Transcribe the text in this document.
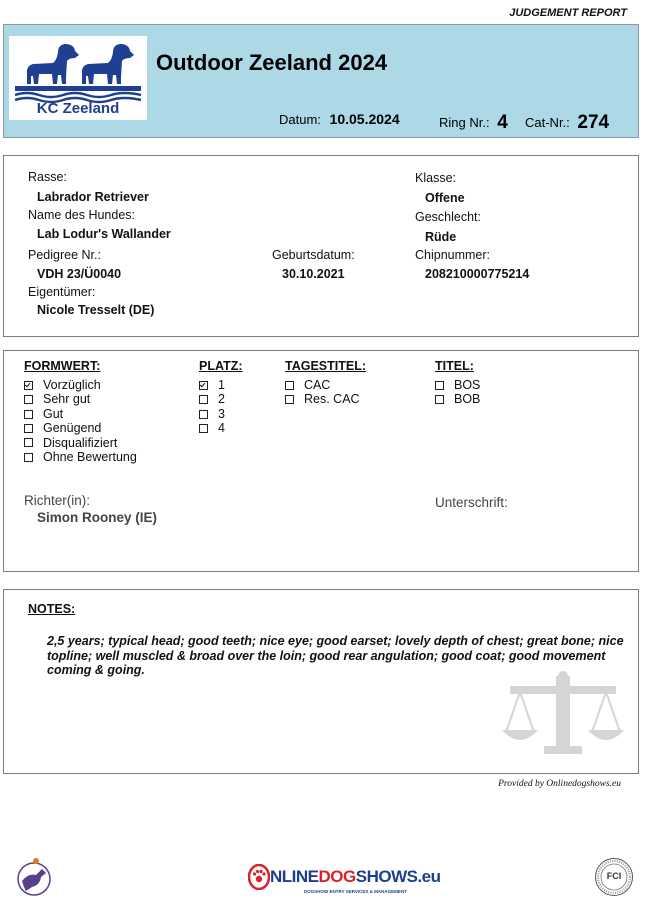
JUDGEMENT REPORT
KC Zeeland
Outdoor Zeeland 2024
Datum: 10.05.2024	Ring Nr.: 4 Cat-Nr.: 274
Rasse:
Labrador Retriever
Name des Hundes:
Lab Lodur's Wallander
Pedigree Nr.:
VDH 23/Ü0040
Eigentümer:
Nicole Tresselt (DE)
Geburtsdatum:
30.10.2021
Klasse:
Offene
Geschlecht:
Rüde
Chipnummer:
208210000775214
FORMWERT:
Vorzüglich
Sehr gut
Gut
Genügend
Disqualifiziert
Ohne Bewertung
PLATZ:
1
2
3
4
TAGESTITEL:
CAC
Res. CAC
TITEL:
BOS
BOB
Richter(in):
Simon Rooney (IE)
Unterschrift:
NOTES:
2,5 years; typical head; good teeth; nice eye; good earset; lovely depth of chest; great bone; nice topline; well muscled & broad over the loin; good rear angulation; good coat; good movement coming & going.
Provided by Onlinedogshows.eu
NLINEDOGSHOWS.eu
DOGSHOW ENTRY SERVICES & MANAGEMENT
FCI
